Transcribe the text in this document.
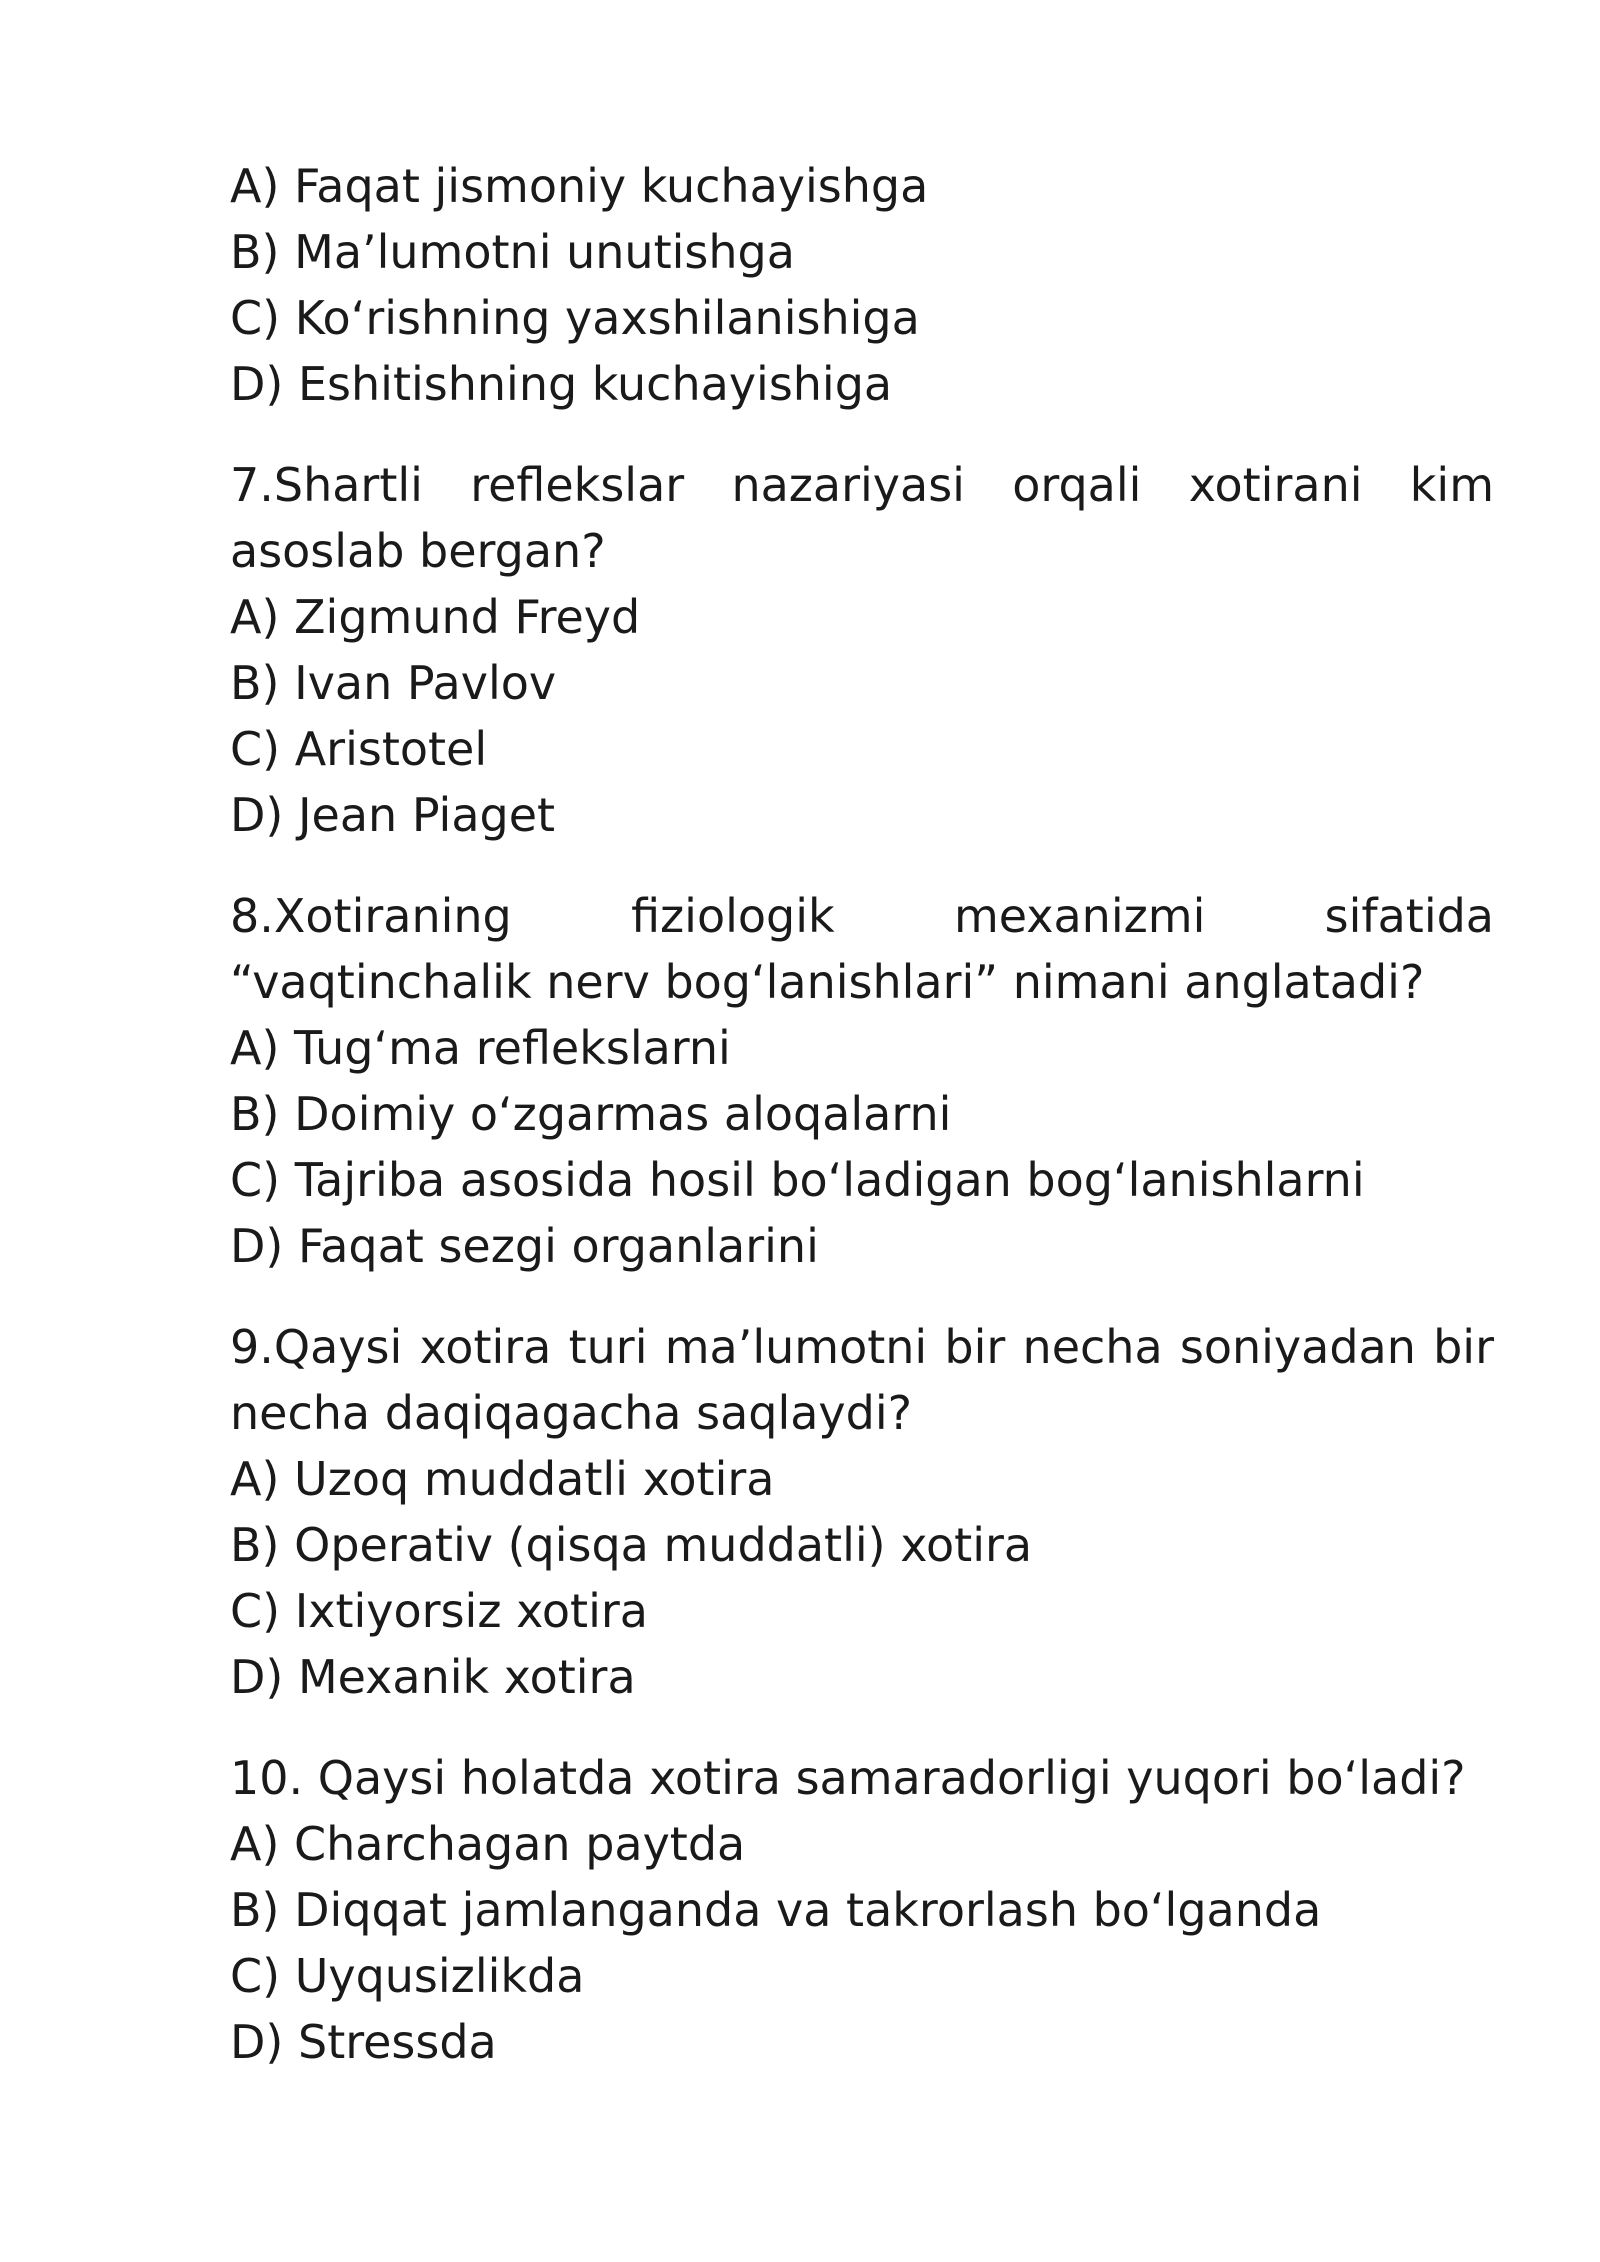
A) Faqat jismoniy kuchayishga
B) Ma’lumotni unutishga
C) Ko‘rishning yaxshilanishiga
D) Eshitishning kuchayishiga
7.Shartli reflekslar nazariyasi orqali xotirani kim asoslab bergan?
A) Zigmund Freyd
B) Ivan Pavlov
C) Aristotel
D) Jean Piaget
8.Xotiraning fiziologik mexanizmi sifatida “vaqtinchalik nerv bog‘lanishlari” nimani anglatadi?
A) Tug‘ma reflekslarni
B) Doimiy o‘zgarmas aloqalarni
C) Tajriba asosida hosil bo‘ladigan bog‘lanishlarni
D) Faqat sezgi organlarini
9.Qaysi xotira turi ma’lumotni bir necha soniyadan bir necha daqiqagacha saqlaydi?
A) Uzoq muddatli xotira
B) Operativ (qisqa muddatli) xotira
C) Ixtiyorsiz xotira
D) Mexanik xotira
10. Qaysi holatda xotira samaradorligi yuqori bo‘ladi?
A) Charchagan paytda
B) Diqqat jamlanganda va takrorlash bo‘lganda
C) Uyqusizlikda
D) Stressda
